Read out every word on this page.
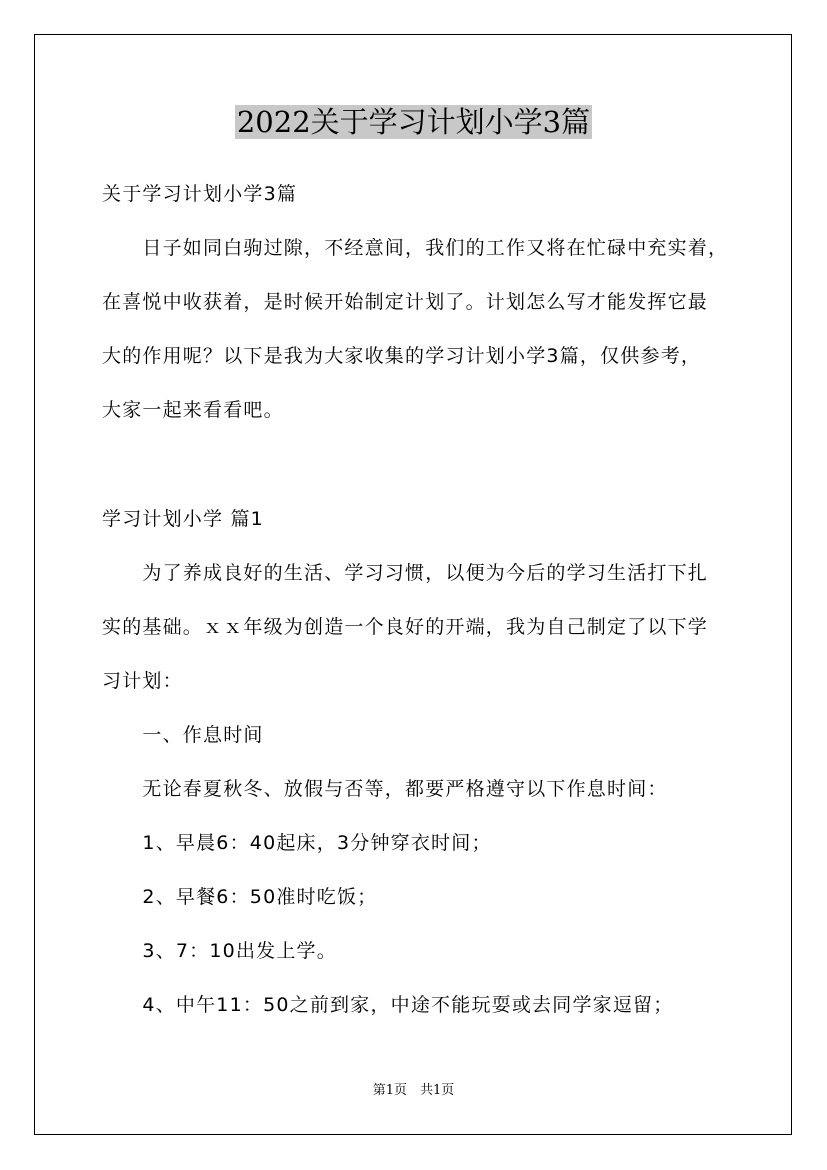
2022关于学习计划小学3篇
关于学习计划小学3篇
　　日子如同白驹过隙，不经意间，我们的工作又将在忙碌中充实着，
在喜悦中收获着，是时候开始制定计划了。计划怎么写才能发挥它最
大的作用呢？以下是我为大家收集的学习计划小学3篇，仅供参考，
大家一起来看看吧。
学习计划小学 篇1
　　为了养成良好的生活、学习习惯，以便为今后的学习生活打下扎
实的基础。ｘｘ年级为创造一个良好的开端，我为自己制定了以下学
习计划：
　　一、作息时间
　　无论春夏秋冬、放假与否等，都要严格遵守以下作息时间：
　　1、早晨6：40起床，3分钟穿衣时间；
　　2、早餐6：50准时吃饭；
　　3、7：10出发上学。
　　4、中午11：50之前到家，中途不能玩耍或去同学家逗留；
第1页　共1页
